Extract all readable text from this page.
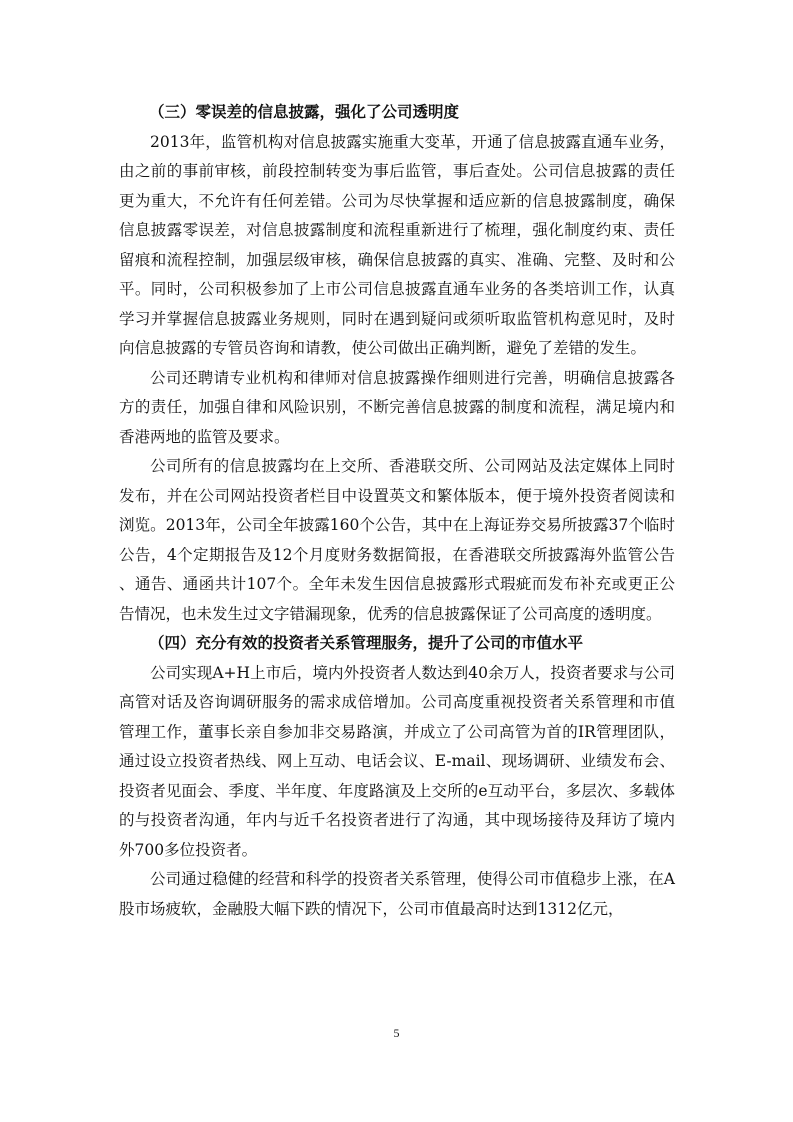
（三）零误差的信息披露，强化了公司透明度

2013年，监管机构对信息披露实施重大变革，开通了信息披露直通车业务，由之前的事前审核，前段控制转变为事后监管，事后查处。公司信息披露的责任更为重大，不允许有任何差错。公司为尽快掌握和适应新的信息披露制度，确保信息披露零误差，对信息披露制度和流程重新进行了梳理，强化制度约束、责任留痕和流程控制，加强层级审核，确保信息披露的真实、准确、完整、及时和公平。同时，公司积极参加了上市公司信息披露直通车业务的各类培训工作，认真学习并掌握信息披露业务规则，同时在遇到疑问或须听取监管机构意见时，及时向信息披露的专管员咨询和请教，使公司做出正确判断，避免了差错的发生。

公司还聘请专业机构和律师对信息披露操作细则进行完善，明确信息披露各方的责任，加强自律和风险识别，不断完善信息披露的制度和流程，满足境内和香港两地的监管及要求。

公司所有的信息披露均在上交所、香港联交所、公司网站及法定媒体上同时发布，并在公司网站投资者栏目中设置英文和繁体版本，便于境外投资者阅读和浏览。2013年，公司全年披露160个公告，其中在上海证券交易所披露37个临时公告，4个定期报告及12个月度财务数据简报，在香港联交所披露海外监管公告、通告、通函共计107个。全年未发生因信息披露形式瑕疵而发布补充或更正公告情况，也未发生过文字错漏现象，优秀的信息披露保证了公司高度的透明度。

（四）充分有效的投资者关系管理服务，提升了公司的市值水平

公司实现A+H上市后，境内外投资者人数达到40余万人，投资者要求与公司高管对话及咨询调研服务的需求成倍增加。公司高度重视投资者关系管理和市值管理工作，董事长亲自参加非交易路演，并成立了公司高管为首的IR管理团队，通过设立投资者热线、网上互动、电话会议、E-mail、现场调研、业绩发布会、投资者见面会、季度、半年度、年度路演及上交所的e互动平台，多层次、多载体的与投资者沟通，年内与近千名投资者进行了沟通，其中现场接待及拜访了境内外700多位投资者。

公司通过稳健的经营和科学的投资者关系管理，使得公司市值稳步上涨，在A股市场疲软，金融股大幅下跌的情况下，公司市值最高时达到1312亿元，

5
